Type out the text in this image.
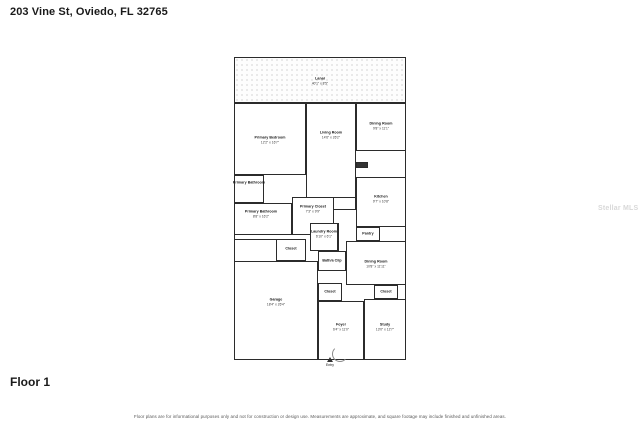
203 Vine St, Oviedo, FL 32765
Lanai
40'1" x 8'5"
Dining Room
9'8" x 11'1"
Living Room
14'6" x 26'2"
Primary Bedroom
12'2" x 16'7"
Primary Bathroom
Primary Bathroom
8'8" x 16'2"
Primary Closet
7'3" x 9'9"
Kitchen
9'7" x 10'8"
Pantry
Laundry Room
6'10" x 6'1"
Bath/a Clip
Closet
Garage
18'4" x 26'4"
Closet	Closet
Dining Room
10'8" x 11'11"
Foyer
6'4" x 11'0"
Study
13'0" x 12'7"
Entry
Floor 1
Stellar MLS
Floor plans are for informational purposes only and not for construction or design use. Measurements are approximate, and square footage may include finished and unfinished areas.
